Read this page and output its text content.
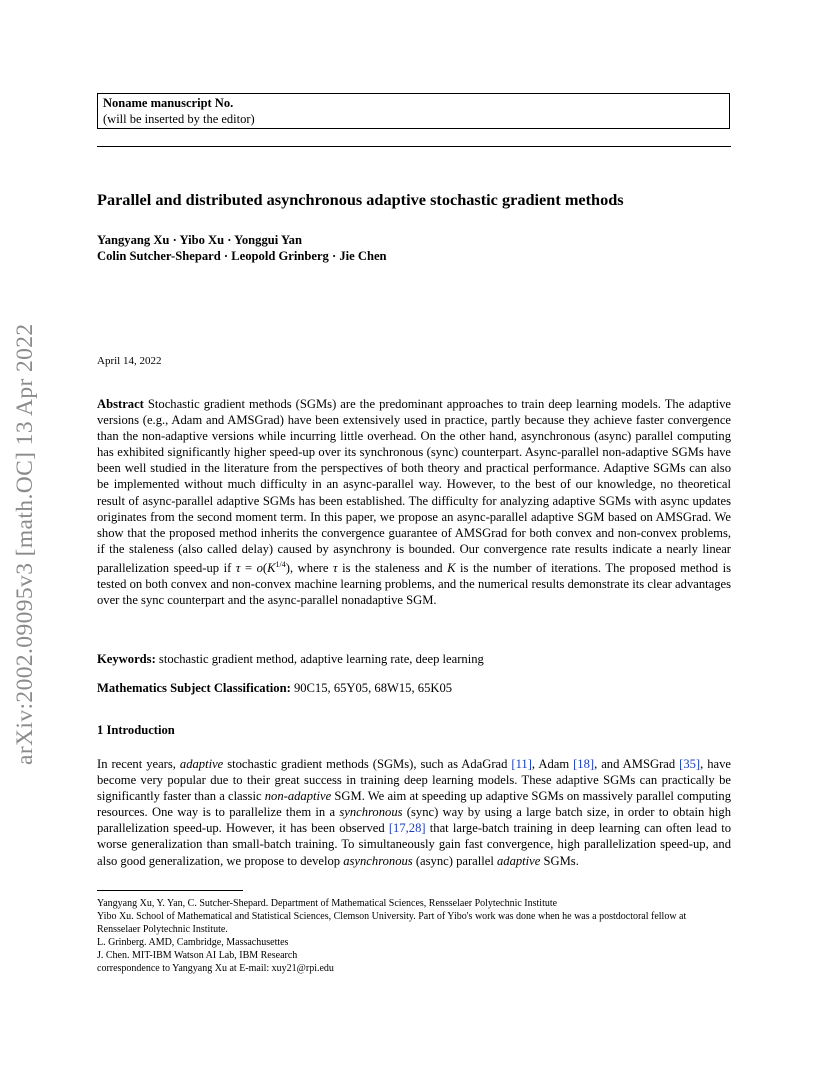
arXiv:2002.09095v3 [math.OC] 13 Apr 2022
Noname manuscript No.
(will be inserted by the editor)
Parallel and distributed asynchronous adaptive stochastic gradient methods
Yangyang Xu · Yibo Xu · Yonggui Yan
Colin Sutcher-Shepard · Leopold Grinberg · Jie Chen
April 14, 2022
Abstract Stochastic gradient methods (SGMs) are the predominant approaches to train deep learning models. The adaptive versions (e.g., Adam and AMSGrad) have been extensively used in practice, partly because they achieve faster convergence than the non-adaptive versions while incurring little overhead. On the other hand, asynchronous (async) parallel computing has exhibited significantly higher speed-up over its synchronous (sync) counterpart. Async-parallel non-adaptive SGMs have been well studied in the literature from the perspectives of both theory and practical performance. Adaptive SGMs can also be implemented without much difficulty in an async-parallel way. However, to the best of our knowledge, no theoretical result of async-parallel adaptive SGMs has been established. The difficulty for analyzing adaptive SGMs with async updates originates from the second moment term. In this paper, we propose an async-parallel adaptive SGM based on AMSGrad. We show that the proposed method inherits the convergence guarantee of AMSGrad for both convex and non-convex problems, if the staleness (also called delay) caused by asynchrony is bounded. Our convergence rate results indicate a nearly linear parallelization speed-up if $\tau = o(K^{1/4})$, where τ is the staleness and K is the number of iterations. The proposed method is tested on both convex and non-convex machine learning problems, and the numerical results demonstrate its clear advantages over the sync counterpart and the async-parallel nonadaptive SGM.
Keywords: stochastic gradient method, adaptive learning rate, deep learning
Mathematics Subject Classification: 90C15, 65Y05, 68W15, 65K05
1 Introduction
In recent years, adaptive stochastic gradient methods (SGMs), such as AdaGrad [11], Adam [18], and AMSGrad [35], have become very popular due to their great success in training deep learning models. These adaptive SGMs can practically be significantly faster than a classic non-adaptive SGM. We aim at speeding up adaptive SGMs on massively parallel computing resources. One way is to parallelize them in a synchronous (sync) way by using a large batch size, in order to obtain high parallelization speed-up. However, it has been observed [17,28] that large-batch training in deep learning can often lead to worse generalization than small-batch training. To simultaneously gain fast convergence, high parallelization speed-up, and also good generalization, we propose to develop asynchronous (async) parallel adaptive SGMs.
Yangyang Xu, Y. Yan, C. Sutcher-Shepard. Department of Mathematical Sciences, Rensselaer Polytechnic Institute
Yibo Xu. School of Mathematical and Statistical Sciences, Clemson University. Part of Yibo's work was done when he was a postdoctoral fellow at Rensselaer Polytechnic Institute.
L. Grinberg. AMD, Cambridge, Massachusettes
J. Chen. MIT-IBM Watson AI Lab, IBM Research
correspondence to Yangyang Xu at E-mail: xuy21@rpi.edu
